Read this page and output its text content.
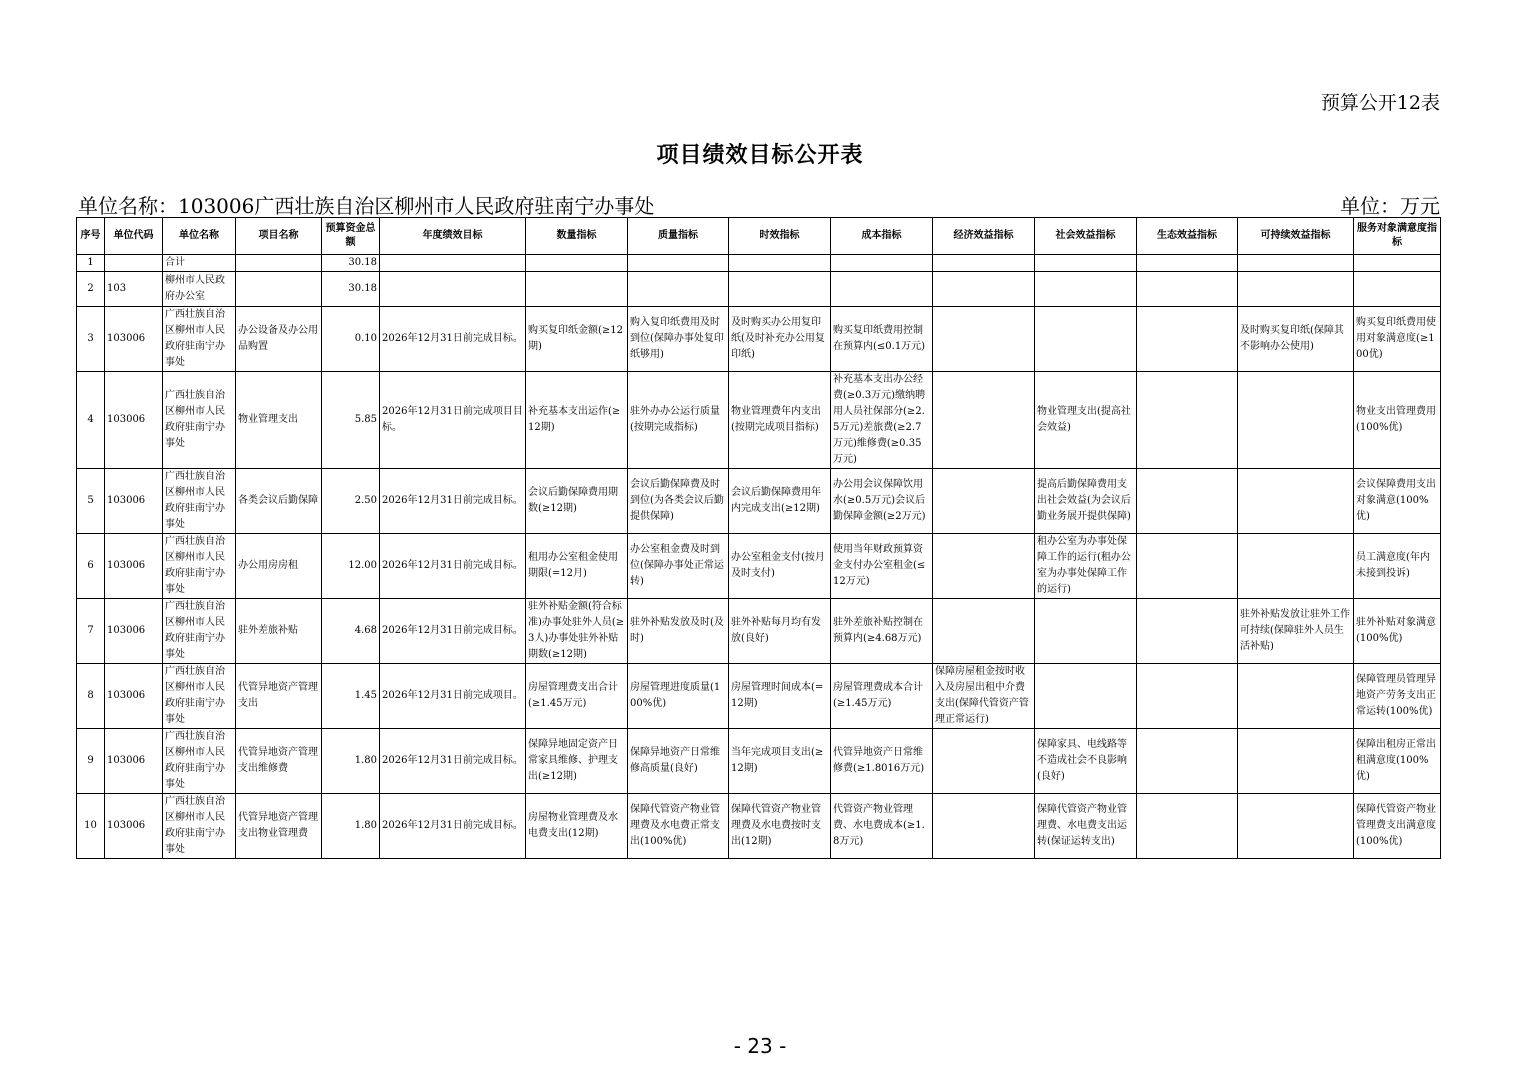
预算公开12表
项目绩效目标公开表
单位名称：103006广西壮族自治区柳州市人民政府驻南宁办事处	单位：万元
序号	单位代码	单位名称	项目名称	预算资金总额	年度绩效目标	数量指标	质量指标	时效指标	成本指标	经济效益指标	社会效益指标	生态效益指标	可持续效益指标	服务对象满意度指标
1		合计		30.18										
2	103	柳州市人民政府办公室		30.18										
3	103006	广西壮族自治区柳州市人民政府驻南宁办事处	办公设备及办公用品购置	0.10	2026年12月31日前完成目标。	购买复印纸金额(≥12期)	购入复印纸费用及时到位(保障办事处复印纸够用)	及时购买办公用复印纸(及时补充办公用复印纸)	购买复印纸费用控制在预算内(≤0.1万元)				及时购买复印纸(保障其不影响办公使用)	购买复印纸费用使用对象满意度(≥100优)
4	103006	广西壮族自治区柳州市人民政府驻南宁办事处	物业管理支出	5.85	2026年12月31日前完成项目目标。	补充基本支出运作(≥12期)	驻外办办公运行质量(按期完成指标)	物业管理费年内支出(按期完成项目指标)	补充基本支出办公经费(≥0.3万元)缴纳聘用人员社保部分(≥2.5万元)差旅费(≥2.7万元)维修费(≥0.35万元)		物业管理支出(提高社会效益)			物业支出管理费用(100%优)
5	103006	广西壮族自治区柳州市人民政府驻南宁办事处	各类会议后勤保障	2.50	2026年12月31日前完成目标。	会议后勤保障费用期数(≥12期)	会议后勤保障费及时到位(为各类会议后勤提供保障)	会议后勤保障费用年内完成支出(≥12期)	办公用会议保障饮用水(≥0.5万元)会议后勤保障金额(≥2万元)		提高后勤保障费用支出社会效益(为会议后勤业务展开提供保障)			会议保障费用支出对象满意(100%优)
6	103006	广西壮族自治区柳州市人民政府驻南宁办事处	办公用房房租	12.00	2026年12月31日前完成目标。	租用办公室租金使用期限(=12月)	办公室租金费及时到位(保障办事处正常运转)	办公室租金支付(按月及时支付)	使用当年财政预算资金支付办公室租金(≤12万元)		租办公室为办事处保障工作的运行(租办公室为办事处保障工作的运行)			员工满意度(年内未接到投诉)
7	103006	广西壮族自治区柳州市人民政府驻南宁办事处	驻外差旅补贴	4.68	2026年12月31日前完成目标。	驻外补贴金额(符合标准)办事处驻外人员(≥3人)办事处驻外补贴期数(≥12期)	驻外补贴发放及时(及时)	驻外补贴每月均有发放(良好)	驻外差旅补贴控制在预算内(≥4.68万元)				驻外补贴发放让驻外工作可持续(保障驻外人员生活补贴)	驻外补贴对象满意(100%优)
8	103006	广西壮族自治区柳州市人民政府驻南宁办事处	代管异地资产管理支出	1.45	2026年12月31日前完成项目。	房屋管理费支出合计(≥1.45万元)	房屋管理进度质量(100%优)	房屋管理时间成本(=12期)	房屋管理费成本合计(≥1.45万元)	保障房屋租金按时收入及房屋出租中介费支出(保障代管资产管理正常运行)				保障管理员管理异地资产劳务支出正常运转(100%优)
9	103006	广西壮族自治区柳州市人民政府驻南宁办事处	代管异地资产管理支出维修费	1.80	2026年12月31日前完成目标。	保障异地固定资产日常家具维修、护理支出(≥12期)	保障异地资产日常维修高质量(良好)	当年完成项目支出(≥12期)	代管异地资产日常维修费(≥1.8016万元)		保障家具、电线路等不造成社会不良影响(良好)			保障出租房正常出租满意度(100%优)
10	103006	广西壮族自治区柳州市人民政府驻南宁办事处	代管异地资产管理支出物业管理费	1.80	2026年12月31日前完成目标。	房屋物业管理费及水电费支出(12期)	保障代管资产物业管理费及水电费正常支出(100%优)	保障代管资产物业管理费及水电费按时支出(12期)	代管资产物业管理费、水电费成本(≥1.8万元)		保障代管资产物业管理费、水电费支出运转(保证运转支出)			保障代管资产物业管理费支出满意度(100%优)
- 23 -
